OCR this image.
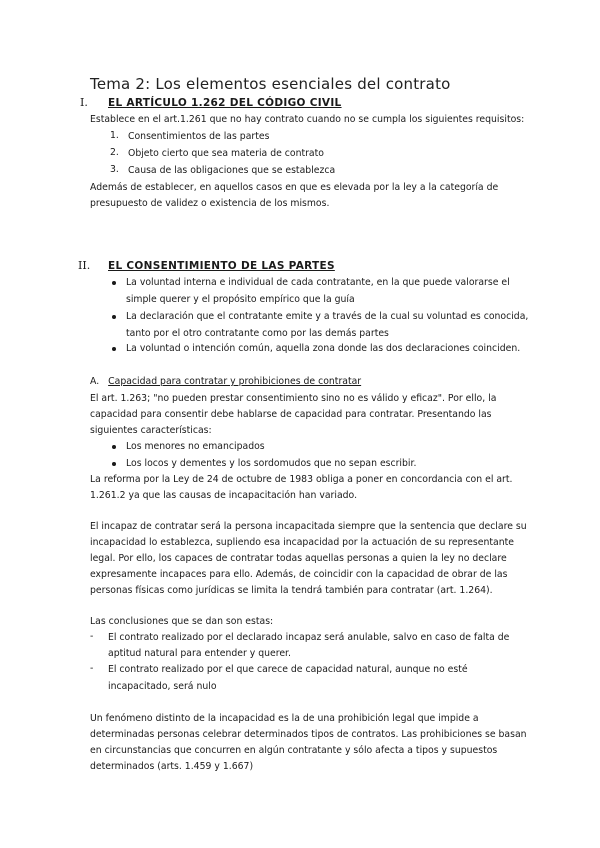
Tema 2: Los elementos esenciales del contrato
I. EL ARTÍCULO 1.262 DEL CÓDIGO CIVIL
Establece en el art.1.261 que no hay contrato cuando no se cumpla los siguientes requisitos:
1. Consentimientos de las partes
2. Objeto cierto que sea materia de contrato
3. Causa de las obligaciones que se establezca
Además de establecer, en aquellos casos en que es elevada por la ley a la categoría de
presupuesto de validez o existencia de los mismos.
II. EL CONSENTIMIENTO DE LAS PARTES
La voluntad interna e individual de cada contratante, en la que puede valorarse el
simple querer y el propósito empírico que la guía
La declaración que el contratante emite y a través de la cual su voluntad es conocida,
tanto por el otro contratante como por las demás partes
La voluntad o intención común, aquella zona donde las dos declaraciones coinciden.
A. Capacidad para contratar y prohibiciones de contratar
El art. 1.263; "no pueden prestar consentimiento sino no es válido y eficaz". Por ello, la
capacidad para consentir debe hablarse de capacidad para contratar. Presentando las
siguientes características:
Los menores no emancipados
Los locos y dementes y los sordomudos que no sepan escribir.
La reforma por la Ley de 24 de octubre de 1983 obliga a poner en concordancia con el art.
1.261.2 ya que las causas de incapacitación han variado.
El incapaz de contratar será la persona incapacitada siempre que la sentencia que declare su
incapacidad lo establezca, supliendo esa incapacidad por la actuación de su representante
legal. Por ello, los capaces de contratar todas aquellas personas a quien la ley no declare
expresamente incapaces para ello. Además, de coincidir con la capacidad de obrar de las
personas físicas como jurídicas se limita la tendrá también para contratar (art. 1.264).
Las conclusiones que se dan son estas:
- El contrato realizado por el declarado incapaz será anulable, salvo en caso de falta de
aptitud natural para entender y querer.
- El contrato realizado por el que carece de capacidad natural, aunque no esté
incapacitado, será nulo
Un fenómeno distinto de la incapacidad es la de una prohibición legal que impide a
determinadas personas celebrar determinados tipos de contratos. Las prohibiciones se basan
en circunstancias que concurren en algún contratante y sólo afecta a tipos y supuestos
determinados (arts. 1.459 y 1.667)
